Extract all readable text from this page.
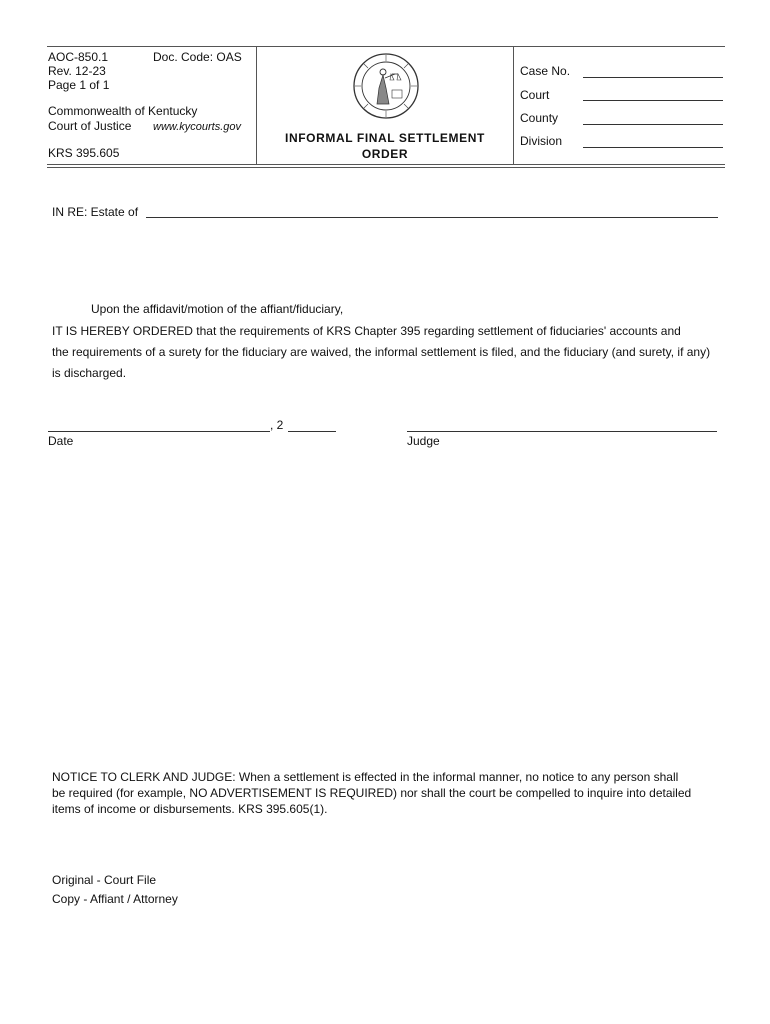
AOC-850.1	Doc. Code: OAS
Rev. 12-23
Page 1 of 1
Commonwealth of Kentucky
Court of Justice www.kycourts.gov
KRS 395.605
INFORMAL FINAL SETTLEMENT
ORDER
Case No.
Court
County
Division
IN RE: Estate of
Upon the affidavit/motion of the affiant/fiduciary,
IT IS HEREBY ORDERED that the requirements of KRS Chapter 395 regarding settlement of fiduciaries' accounts and
the requirements of a surety for the fiduciary are waived, the informal settlement is filed, and the fiduciary (and surety, if any)
is discharged.
, 2
Date	Judge
NOTICE TO CLERK AND JUDGE: When a settlement is effected in the informal manner, no notice to any person shall
be required (for example, NO ADVERTISEMENT IS REQUIRED) nor shall the court be compelled to inquire into detailed
items of income or disbursements. KRS 395.605(1).
Original - Court File
Copy - Affiant / Attorney
